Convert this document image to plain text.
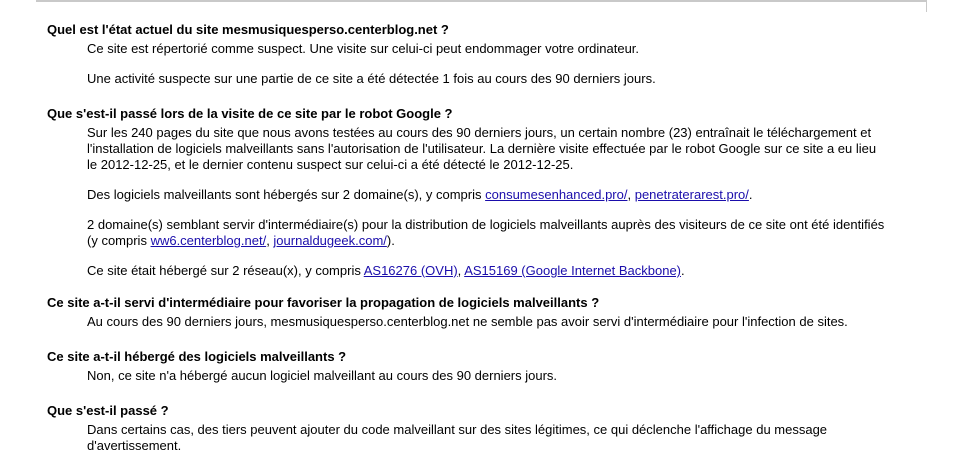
Quel est l'état actuel du site mesmusiquesperso.centerblog.net ?

Ce site est répertorié comme suspect. Une visite sur celui-ci peut endommager votre ordinateur.

Une activité suspecte sur une partie de ce site a été détectée 1 fois au cours des 90 derniers jours.

Que s'est-il passé lors de la visite de ce site par le robot Google ?

Sur les 240 pages du site que nous avons testées au cours des 90 derniers jours, un certain nombre (23) entraînait le téléchargement et
l'installation de logiciels malveillants sans l'autorisation de l'utilisateur. La dernière visite effectuée par le robot Google sur ce site a eu lieu
le 2012-12-25, et le dernier contenu suspect sur celui-ci a été détecté le 2012-12-25.

Des logiciels malveillants sont hébergés sur 2 domaine(s), y compris consumesenhanced.pro/, penetraterarest.pro/.

2 domaine(s) semblant servir d'intermédiaire(s) pour la distribution de logiciels malveillants auprès des visiteurs de ce site ont été identifiés
(y compris ww6.centerblog.net/, journaldugeek.com/).

Ce site était hébergé sur 2 réseau(x), y compris AS16276 (OVH), AS15169 (Google Internet Backbone).

Ce site a-t-il servi d'intermédiaire pour favoriser la propagation de logiciels malveillants ?

Au cours des 90 derniers jours, mesmusiquesperso.centerblog.net ne semble pas avoir servi d'intermédiaire pour l'infection de sites.

Ce site a-t-il hébergé des logiciels malveillants ?

Non, ce site n'a hébergé aucun logiciel malveillant au cours des 90 derniers jours.

Que s'est-il passé ?

Dans certains cas, des tiers peuvent ajouter du code malveillant sur des sites légitimes, ce qui déclenche l'affichage du message
d'avertissement.
